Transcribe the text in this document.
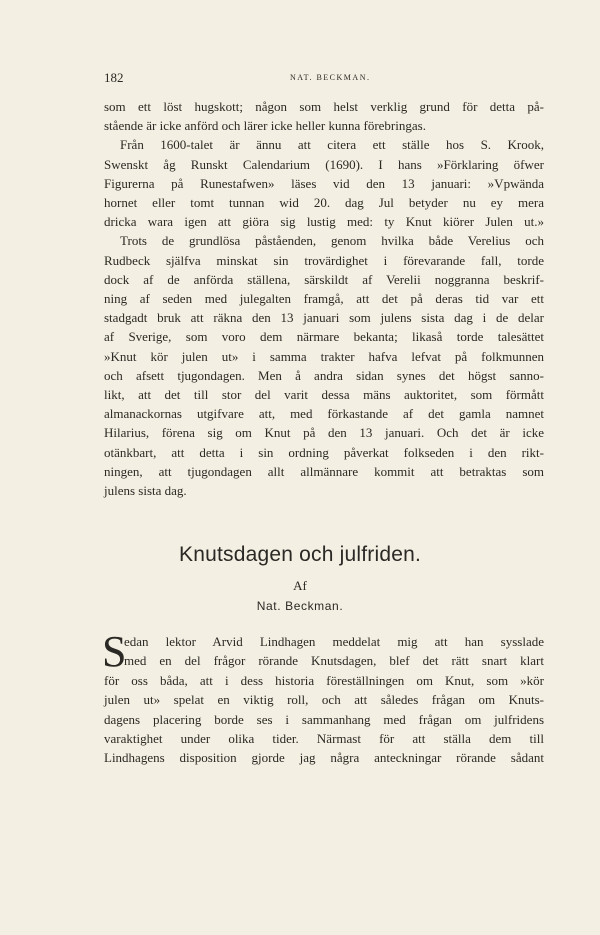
182	NAT. BECKMAN.
som ett löst hugskott; någon som helst verklig grund för detta på-
stående är icke anförd och lärer icke heller kunna förebringas.
Från 1600-talet är ännu att citera ett ställe hos S. Krook,
Swenskt åg Runskt Calendarium (1690). I hans »Förklaring öfwer
Figurerna på Runestafwen» läses vid den 13 januari: »Vpwända
hornet eller tomt tunnan wid 20. dag Jul betyder nu ey mera
dricka wara igen att giöra sig lustig med: ty Knut kiörer Julen ut.»
Trots de grundlösa påståenden, genom hvilka både Verelius och
Rudbeck själfva minskat sin trovärdighet i förevarande fall, torde
dock af de anförda ställena, särskildt af Verelii noggranna beskrif-
ning af seden med julegalten framgå, att det på deras tid var ett
stadgadt bruk att räkna den 13 januari som julens sista dag i de delar
af Sverige, som voro dem närmare bekanta; likaså torde talesättet
»Knut kör julen ut» i samma trakter hafva lefvat på folkmunnen
och afsett tjugondagen. Men å andra sidan synes det högst sanno-
likt, att det till stor del varit dessa mäns auktoritet, som förmått
almanackornas utgifvare att, med förkastande af det gamla namnet
Hilarius, förena sig om Knut på den 13 januari. Och det är icke
otänkbart, att detta i sin ordning påverkat folkseden i den rikt-
ningen, att tjugondagen allt allmännare kommit att betraktas som
julens sista dag.
Knutsdagen och julfriden.
Af
Nat. Beckman.
S
edan lektor Arvid Lindhagen meddelat mig att han sysslade
med en del frågor rörande Knutsdagen, blef det rätt snart klart
för oss båda, att i dess historia föreställningen om Knut, som »kör
julen ut» spelat en viktig roll, och att således frågan om Knuts-
dagens placering borde ses i sammanhang med frågan om julfridens
varaktighet under olika tider. Närmast för att ställa dem till
Lindhagens disposition gjorde jag några anteckningar rörande sådant
